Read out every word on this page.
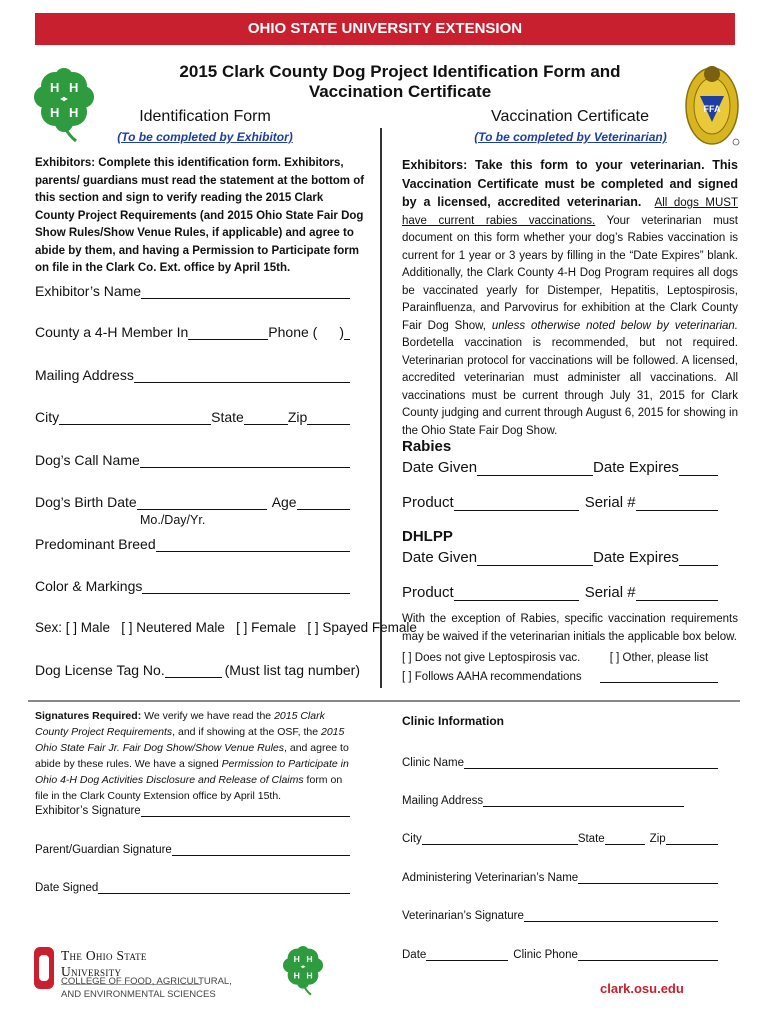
OHIO STATE UNIVERSITY EXTENSION
H H
H H	FFA
2015 Clark County Dog Project Identification Form and Vaccination Certificate
Identification Form
(To be completed by Exhibitor)
Vaccination Certificate
(To be completed by Veterinarian)
Exhibitors: Complete this identification form. Exhibitors, parents/ guardians must read the statement at the bottom of this section and sign to verify reading the 2015 Clark County Project Requirements (and 2015 Ohio State Fair Dog Show Rules/Show Venue Rules, if applicable) and agree to abide by them, and having a Permission to Participate form on file in the Clark Co. Ext. office by April 15th.
Exhibitor’s Name
County a 4-H Member In	Phone ( )
Mailing Address
City	State	Zip
Dog’s Call Name
Dog’s Birth Date	Age
Mo./Day/Yr.
Predominant Breed
Color & Markings
Sex: [ ] Male   [ ] Neutered Male   [ ] Female   [ ] Spayed Female
Dog License Tag No.	(Must list tag number)
Signatures Required: We verify we have read the 2015 Clark County Project Requirements, and if showing at the OSF, the 2015 Ohio State Fair Jr. Fair Dog Show/Show Venue Rules, and agree to abide by these rules. We have a signed Permission to Participate in Ohio 4-H Dog Activities Disclosure and Release of Claims form on file in the Clark County Extension office by April 15th.
Exhibitor’s Signature
Parent/Guardian Signature
Date Signed
Exhibitors: Take this form to your veterinarian. This Vaccination Certificate must be completed and signed by a licensed, accredited veterinarian. All dogs MUST have current rabies vaccinations. Your veterinarian must document on this form whether your dog’s Rabies vaccination is current for 1 year or 3 years by filling in the “Date Expires” blank. Additionally, the Clark County 4-H Dog Program requires all dogs be vaccinated yearly for Distemper, Hepatitis, Leptospirosis, Parainfluenza, and Parvovirus for exhibition at the Clark County Fair Dog Show, unless otherwise noted below by veterinarian. Bordetella vaccination is recommended, but not required. Veterinarian protocol for vaccinations will be followed. A licensed, accredited veterinarian must administer all vaccinations. All vaccinations must be current through July 31, 2015 for Clark County judging and current through August 6, 2015 for showing in the Ohio State Fair Dog Show.
Rabies
Date Given	Date Expires
Product	Serial #
DHLPP
Date Given	Date Expires
Product	Serial #
With the exception of Rabies, specific vaccination requirements may be waived if the veterinarian initials the applicable box below.
[ ] Does not give Leptospirosis vac.	[ ] Other, please list
[ ] Follows AAHA recommendations
Clinic Information
Clinic Name
Mailing Address
City	State	Zip
Administering Veterinarian’s Name
Veterinarian’s Signature
Date	Clinic Phone
The Ohio State University
COLLEGE OF FOOD, AGRICULTURAL,
AND ENVIRONMENTAL SCIENCES
H H
H H
clark.osu.edu
